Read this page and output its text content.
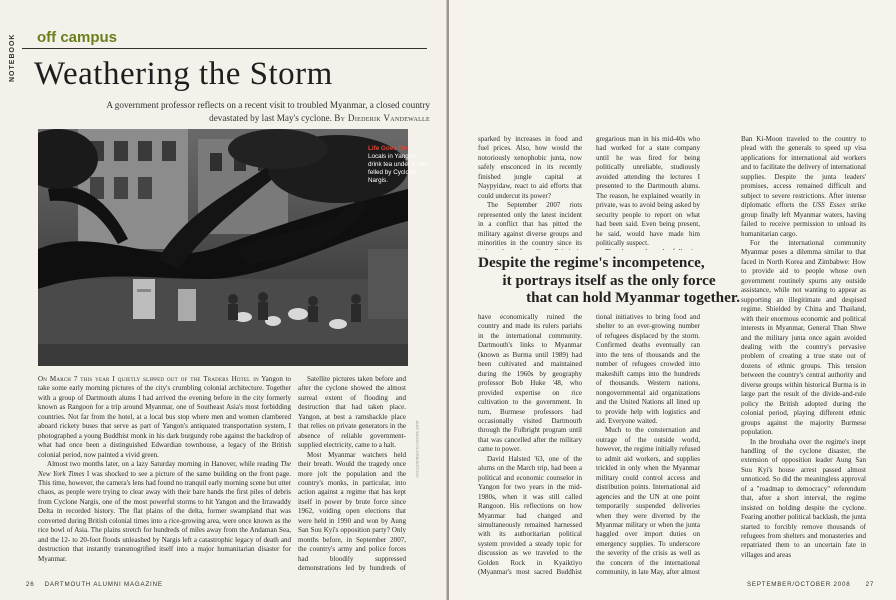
NOTEBOOK	off campus
Weathering the Storm
A government professor reflects on a recent visit to troubled Myanmar, a closed country
devastated by last May's cyclone. By Diederik Vandewalle
Life Goes On
Locals in Yangon drink tea under a tree felled by Cyclone Nargis.
JAKE WOODY/CORBIS/STOCK

On March 7 this year I quietly slipped out of the Traders Hotel in Yangon to take some early morning pictures of the city's crumbling colonial architecture. Together with a group of Dartmouth alums I had arrived the evening before in the city formerly known as Rangoon for a trip around Myanmar, one of Southeast Asia's most forbidding countries. Not far from the hotel, at a local bus stop where men and women clambered aboard rickety buses that serve as part of Yangon's antiquated transportation system, I photographed a young Buddhist monk in his dark burgundy robe against the backdrop of what had once been a distinguished Edwardian townhouse, a legacy of the British colonial period, now painted a vivid green.

Almost two months later, on a lazy Saturday morning in Hanover, while reading The New York Times I was shocked to see a picture of the same building on the front page. This time, however, the camera's lens had found no tranquil early morning scene but utter chaos, as people were trying to clear away with their bare hands the first piles of debris from Cyclone Nargis, one of the most powerful storms to hit Yangon and the Irrawaddy Delta in recorded history. The flat plains of the delta, former swampland that was converted during British colonial times into a rice-growing area, were once known as the rice bowl of Asia. The plains stretch for hundreds of miles away from the Andaman Sea, and the 12- to 20-foot floods unleashed by Nargis left a catastrophic legacy of death and destruction that instantly transmogrified itself into a major humanitarian disaster for Myanmar.

Satellite pictures taken before and after the cyclone showed the almost surreal extent of flooding and destruction that had taken place. Yangon, at best a ramshackle place that relies on private generators in the absence of reliable government-supplied electricity, came to a halt.

Most Myanmar watchers held their breath. Would the tragedy once more jolt the population and the country's monks, in particular, into action against a regime that has kept itself in power by brute force since 1962, voiding open elections that were held in 1990 and won by Aung San Suu Kyi's opposition party? Only months before, in September 2007, the country's army and police forces had bloodily suppressed demonstrations led by hundreds of

26 DARTMOUTH ALUMNI MAGAZINE

sparked by increases in food and fuel prices. Also, how would the notoriously xenophobic junta, now safely ensconced in its recently finished jungle capital at Naypyidaw, react to aid efforts that could undercut its power?

The September 2007 riots represented only the latest incident in a conflict that has pitted the military against diverse groups and minorities in the country since its

gregarious man in his mid-40s who had worked for a state company until he was fired for being politically unreliable, studiously avoided attending the lectures I presented to the Dartmouth alums. The reason, he explained wearily in private, was to avoid being asked by security people to report on what had been said. Even being present, he said, would have made him politically suspect.

have economically ruined the country and made its rulers pariahs in the international community. Dartmouth's links to Myanmar (known as Burma until 1989) had been cultivated and maintained during the 1960s by geography professor Bob Huke '48, who provided expertise on rice cultivation to the government. In turn, Burmese professors had occasionally visited Dartmouth through the Fulbright program until that was cancelled after the military came to power.

David Halsted '63, one of the alums on the March trip, had been a political and economic counselor in Yangon for two years in the mid-1980s, when it was still called Rangoon. His reflections on how Myanmar had changed and simultaneously remained harnessed with its authoritarian political system provided a steady topic for discussion as we traveled to the Golden Rock in Kyaiktiyo (Myanmar's most sacred Buddhist

tional initiatives to bring food and shelter to an ever-growing number of refugees displaced by the storm. Confirmed deaths eventually ran into the tens of thousands and the number of refugees crowded into makeshift camps into the hundreds of thousands. Western nations, nongovernmental aid organizations and the United Nations all lined up to provide help with logistics and aid. Everyone waited.

Much to the consternation and outrage of the outside world, however, the regime initially refused to admit aid workers, and supplies trickled in only when the Myanmar military could control access and distribution points. International aid agencies and the UN at one point temporarily suspended deliveries when they were diverted by the Myanmar military or when the junta haggled over import duties on emergency supplies. To underscore the severity of the crisis as well as the concern of the international community, in late May, after almost

Ban Ki-Moon traveled to the country to plead with the generals to speed up visa applications for international aid workers and to facilitate the delivery of international supplies. Despite the junta leaders' promises, access remained difficult and subject to severe restrictions. After intense diplomatic efforts the USS Essex strike group finally left Myanmar waters, having failed to receive permission to unload its humanitarian cargo.

For the international community Myanmar poses a dilemma similar to that faced in North Korea and Zimbabwe: How to provide aid to people whose own government routinely spurns any outside assistance, while not wanting to appear as supporting an illegitimate and despised regime. Shielded by China and Thailand, with their enormous economic and political interests in Myanmar, General Than Shwe and the military junta once again avoided dealing with the country's pervasive problem of creating a true state out of dozens of ethnic groups. This tension between the country's central authority and diverse groups within historical Burma is in large part the result of the divide-and-rule policy the British adopted during the colonial period, playing different ethnic groups against the majority Burmese population.

In the brouhaha over the regime's inept handling of the cyclone disaster, the extension of opposition leader Aung San Suu Kyi's house arrest passed almost unnoticed. So did the meaningless approval of a "roadmap to democracy" referendum that, after a short interval, the regime insisted on holding despite the cyclone. Fearing another political backlash, the junta started to forcibly remove thousands of refugees from shelters and monasteries and repatriated them to an uncertain fate in villages and areas

SEPTEMBER/OCTOBER 2008 27
Despite the regime's incompetence,
it portrays itself as the only force
that can hold Myanmar together.
